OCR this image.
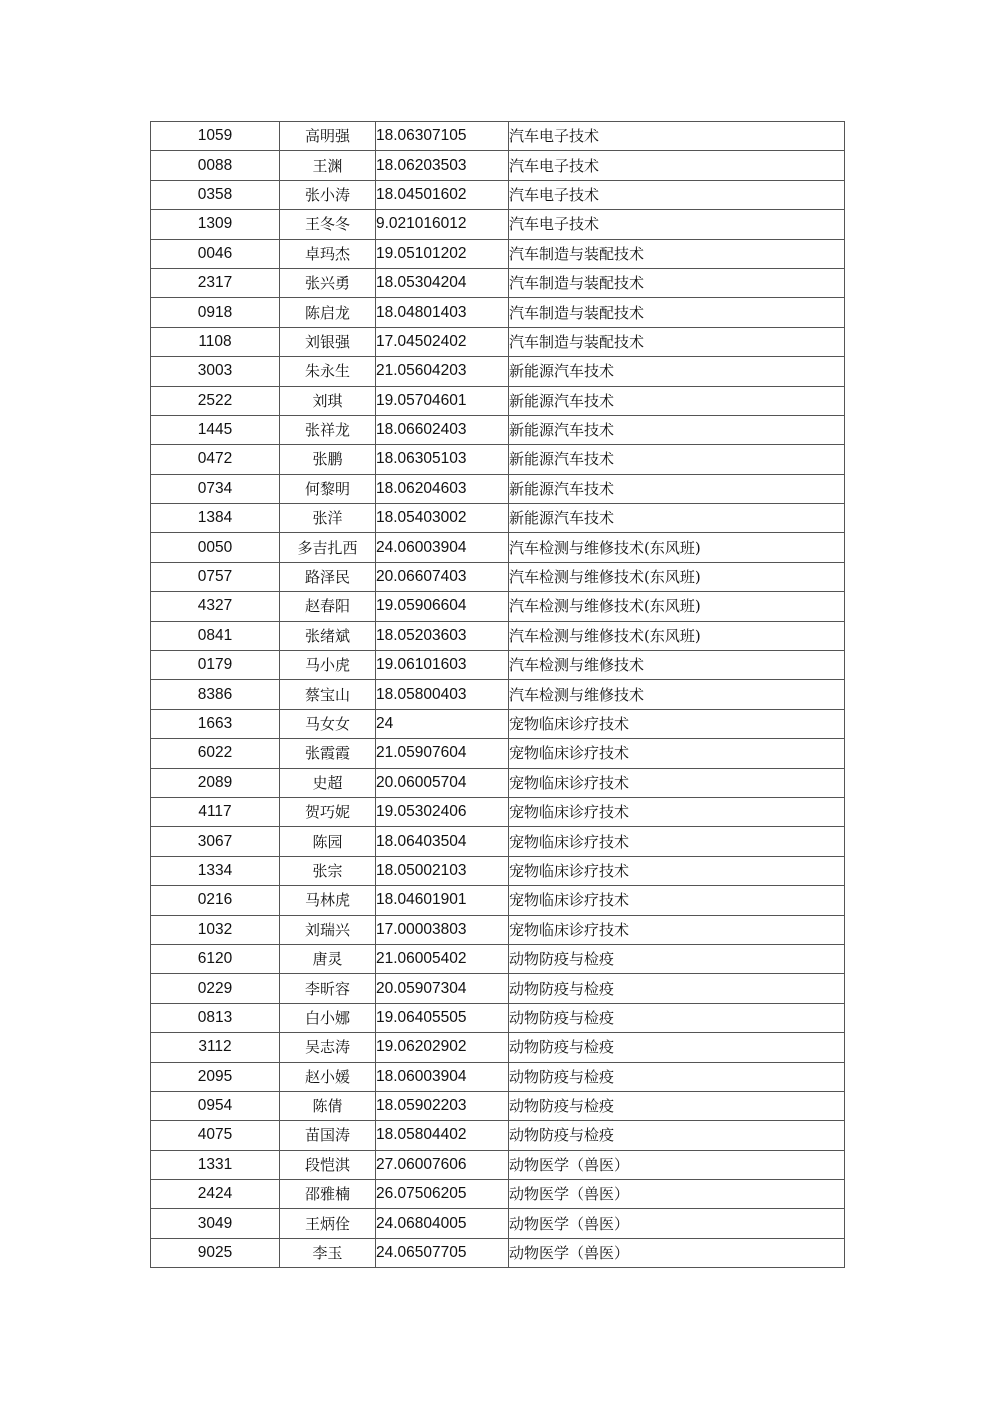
1059	高明强	18.06307105	汽车电子技术
0088	王渊	18.06203503	汽车电子技术
0358	张小涛	18.04501602	汽车电子技术
1309	王冬冬	9.021016012	汽车电子技术
0046	卓玛杰	19.05101202	汽车制造与装配技术
2317	张兴勇	18.05304204	汽车制造与装配技术
0918	陈启龙	18.04801403	汽车制造与装配技术
1108	刘银强	17.04502402	汽车制造与装配技术
3003	朱永生	21.05604203	新能源汽车技术
2522	刘琪	19.05704601	新能源汽车技术
1445	张祥龙	18.06602403	新能源汽车技术
0472	张鹏	18.06305103	新能源汽车技术
0734	何黎明	18.06204603	新能源汽车技术
1384	张洋	18.05403002	新能源汽车技术
0050	多吉扎西	24.06003904	汽车检测与维修技术(东风班)
0757	路泽民	20.06607403	汽车检测与维修技术(东风班)
4327	赵春阳	19.05906604	汽车检测与维修技术(东风班)
0841	张绪斌	18.05203603	汽车检测与维修技术(东风班)
0179	马小虎	19.06101603	汽车检测与维修技术
8386	蔡宝山	18.05800403	汽车检测与维修技术
1663	马女女	24	宠物临床诊疗技术
6022	张霞霞	21.05907604	宠物临床诊疗技术
2089	史超	20.06005704	宠物临床诊疗技术
4117	贺巧妮	19.05302406	宠物临床诊疗技术
3067	陈园	18.06403504	宠物临床诊疗技术
1334	张宗	18.05002103	宠物临床诊疗技术
0216	马林虎	18.04601901	宠物临床诊疗技术
1032	刘瑞兴	17.00003803	宠物临床诊疗技术
6120	唐灵	21.06005402	动物防疫与检疫
0229	李昕容	20.05907304	动物防疫与检疫
0813	白小娜	19.06405505	动物防疫与检疫
3112	吴志涛	19.06202902	动物防疫与检疫
2095	赵小媛	18.06003904	动物防疫与检疫
0954	陈倩	18.05902203	动物防疫与检疫
4075	苗国涛	18.05804402	动物防疫与检疫
1331	段恺淇	27.06007606	动物医学（兽医）
2424	邵雅楠	26.07506205	动物医学（兽医）
3049	王炳佺	24.06804005	动物医学（兽医）
9025	李玉	24.06507705	动物医学（兽医）
